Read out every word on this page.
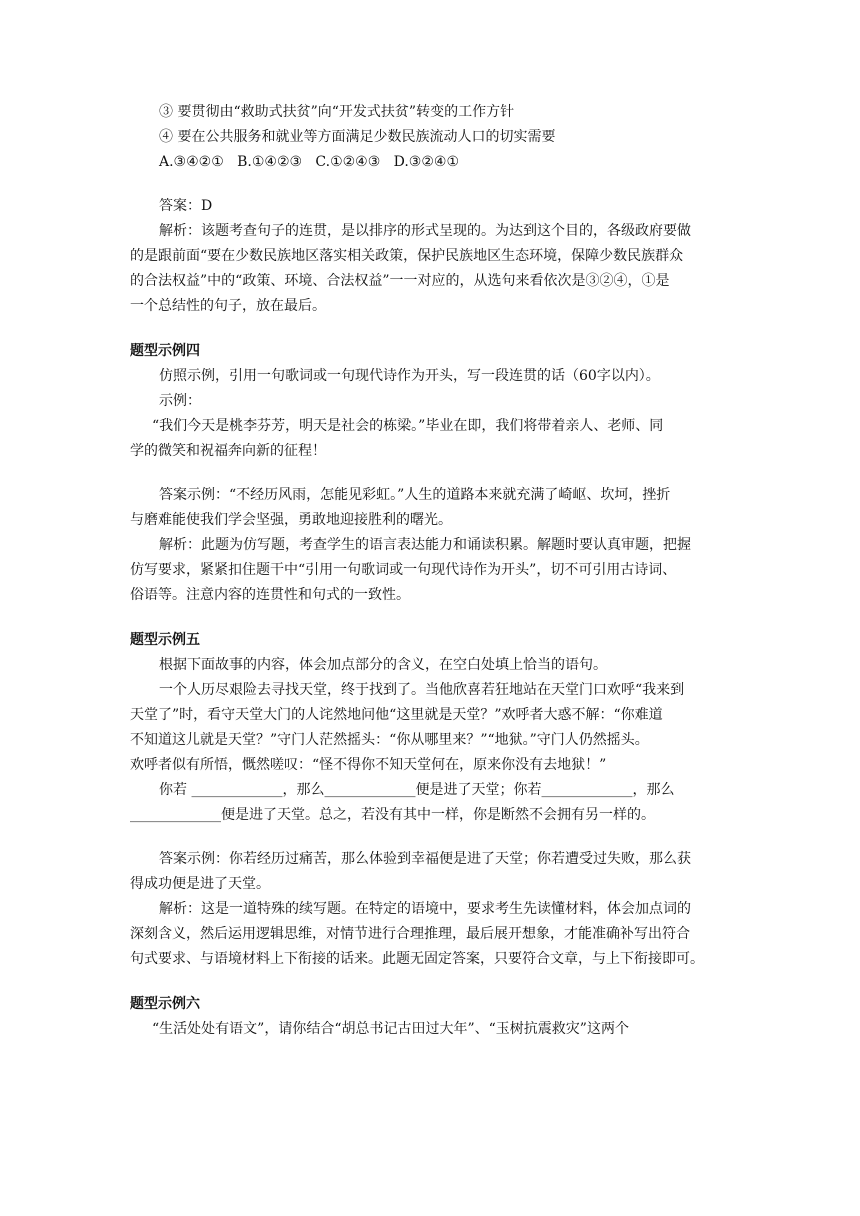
③ 要贯彻由“救助式扶贫”向“开发式扶贫”转变的工作方针

④ 要在公共服务和就业等方面满足少数民族流动人口的切实需要

A.③④②①   B.①④②③   C.①②④③   D.③②④①

答案：D

解析：该题考查句子的连贯，是以排序的形式呈现的。为达到这个目的，各级政府要做

的是跟前面“要在少数民族地区落实相关政策，保护民族地区生态环境，保障少数民族群众

的合法权益”中的“政策、环境、合法权益”一一对应的，从选句来看依次是③②④，①是

一个总结性的句子，放在最后。

题型示例四

仿照示例，引用一句歌词或一句现代诗作为开头，写一段连贯的话（60字以内）。

示例：

“我们今天是桃李芬芳，明天是社会的栋梁。”毕业在即，我们将带着亲人、老师、同

学的微笑和祝福奔向新的征程！

答案示例：“不经历风雨，怎能见彩虹。”人生的道路本来就充满了崎岖、坎坷，挫折

与磨难能使我们学会坚强，勇敢地迎接胜利的曙光。

解析：此题为仿写题，考查学生的语言表达能力和诵读积累。解题时要认真审题，把握

仿写要求，紧紧扣住题干中“引用一句歌词或一句现代诗作为开头”，切不可引用古诗词、

俗语等。注意内容的连贯性和句式的一致性。

题型示例五

根据下面故事的内容，体会加点部分的含义，在空白处填上恰当的语句。

一个人历尽艰险去寻找天堂，终于找到了。当他欣喜若狂地站在天堂门口欢呼“我来到

天堂了”时，看守天堂大门的人诧然地问他“这里就是天堂？”欢呼者大惑不解：“你难道

不知道这儿就是天堂？”守门人茫然摇头：“你从哪里来？”“地狱。”守门人仍然摇头。

欢呼者似有所悟，慨然嗟叹：“怪不得你不知天堂何在，原来你没有去地狱！”

你若 _____________，那么_____________便是进了天堂；你若_____________，那么

_____________便是进了天堂。总之，若没有其中一样，你是断然不会拥有另一样的。

答案示例：你若经历过痛苦，那么体验到幸福便是进了天堂；你若遭受过失败，那么获

得成功便是进了天堂。

解析：这是一道特殊的续写题。在特定的语境中，要求考生先读懂材料，体会加点词的

深刻含义，然后运用逻辑思维，对情节进行合理推理，最后展开想象，才能准确补写出符合

句式要求、与语境材料上下衔接的话来。此题无固定答案，只要符合文章，与上下衔接即可。

题型示例六

“生活处处有语文”，请你结合“胡总书记古田过大年”、“玉树抗震救灾”这两个
